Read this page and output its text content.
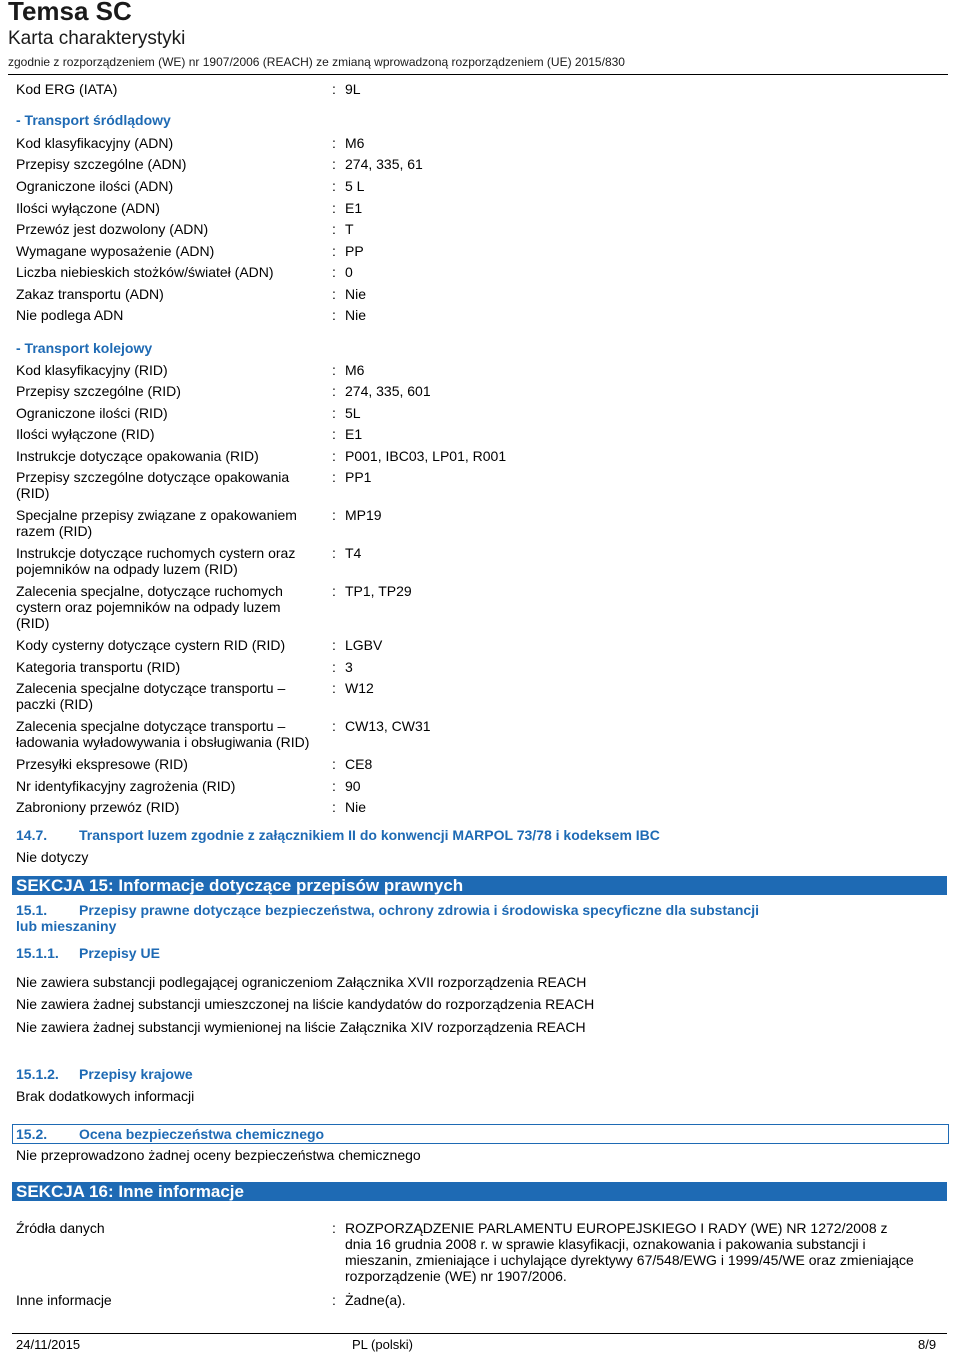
Temsa SC
Karta charakterystyki
zgodnie z rozporządzeniem (WE) nr 1907/2006 (REACH) ze zmianą wprowadzoną rozporządzeniem (UE) 2015/830
Kod ERG (IATA)	: 9L
- Transport śródlądowy
Kod klasyfikacyjny (ADN)	: M6
Przepisy szczególne (ADN)	: 274, 335, 61
Ograniczone ilości (ADN)	: 5 L
Ilości wyłączone (ADN)	: E1
Przewóz jest dozwolony (ADN)	: T
Wymagane wyposażenie (ADN)	: PP
Liczba niebieskich stożków/świateł (ADN)	: 0
Zakaz transportu (ADN)	: Nie
Nie podlega ADN	: Nie
- Transport kolejowy
Kod klasyfikacyjny (RID)	: M6
Przepisy szczególne (RID)	: 274, 335, 601
Ograniczone ilości (RID)	: 5L
Ilości wyłączone (RID)	: E1
Instrukcje dotyczące opakowania (RID)	: P001, IBC03, LP01, R001
Przepisy szczególne dotyczące opakowania (RID)
: PP1
Specjalne przepisy związane z opakowaniem razem (RID)
: MP19
Instrukcje dotyczące ruchomych cystern oraz pojemników na odpady luzem (RID)
: T4
Zalecenia specjalne, dotyczące ruchomych cystern oraz pojemników na odpady luzem (RID)
: TP1, TP29
Kody cysterny dotyczące cystern RID (RID)	: LGBV
Kategoria transportu (RID)	: 3
Zalecenia specjalne dotyczące transportu – paczki (RID)
: W12
Zalecenia specjalne dotyczące transportu – ładowania wyładowywania i obsługiwania (RID)
: CW13, CW31
Przesyłki ekspresowe (RID)	: CE8
Nr identyfikacyjny zagrożenia (RID)	: 90
Zabroniony przewóz (RID)	: Nie
14.7. Transport luzem zgodnie z załącznikiem II do konwencji MARPOL 73/78 i kodeksem IBC
Nie dotyczy
SEKCJA 15: Informacje dotyczące przepisów prawnych
15.1. Przepisy prawne dotyczące bezpieczeństwa, ochrony zdrowia i środowiska specyficzne dla substancji
lub mieszaniny
15.1.1. Przepisy UE
Nie zawiera substancji podlegającej ograniczeniom Załącznika XVII rozporządzenia REACH
Nie zawiera żadnej substancji umieszczonej na liście kandydatów do rozporządzenia REACH
Nie zawiera żadnej substancji wymienionej na liście Załącznika XIV rozporządzenia REACH
15.1.2. Przepisy krajowe
Brak dodatkowych informacji
15.2. Ocena bezpieczeństwa chemicznego
Nie przeprowadzono żadnej oceny bezpieczeństwa chemicznego
SEKCJA 16: Inne informacje
Źródła danych	: ROZPORZĄDZENIE PARLAMENTU EUROPEJSKIEGO I RADY (WE) NR 1272/2008 z dnia 16 grudnia 2008 r. w sprawie klasyfikacji, oznakowania i pakowania substancji i mieszanin, zmieniające i uchylające dyrektywy 67/548/EWG i 1999/45/WE oraz zmieniające rozporządzenie (WE) nr 1907/2006.
Inne informacje	: Żadne(a).
24/11/2015	PL (polski)	8/9
